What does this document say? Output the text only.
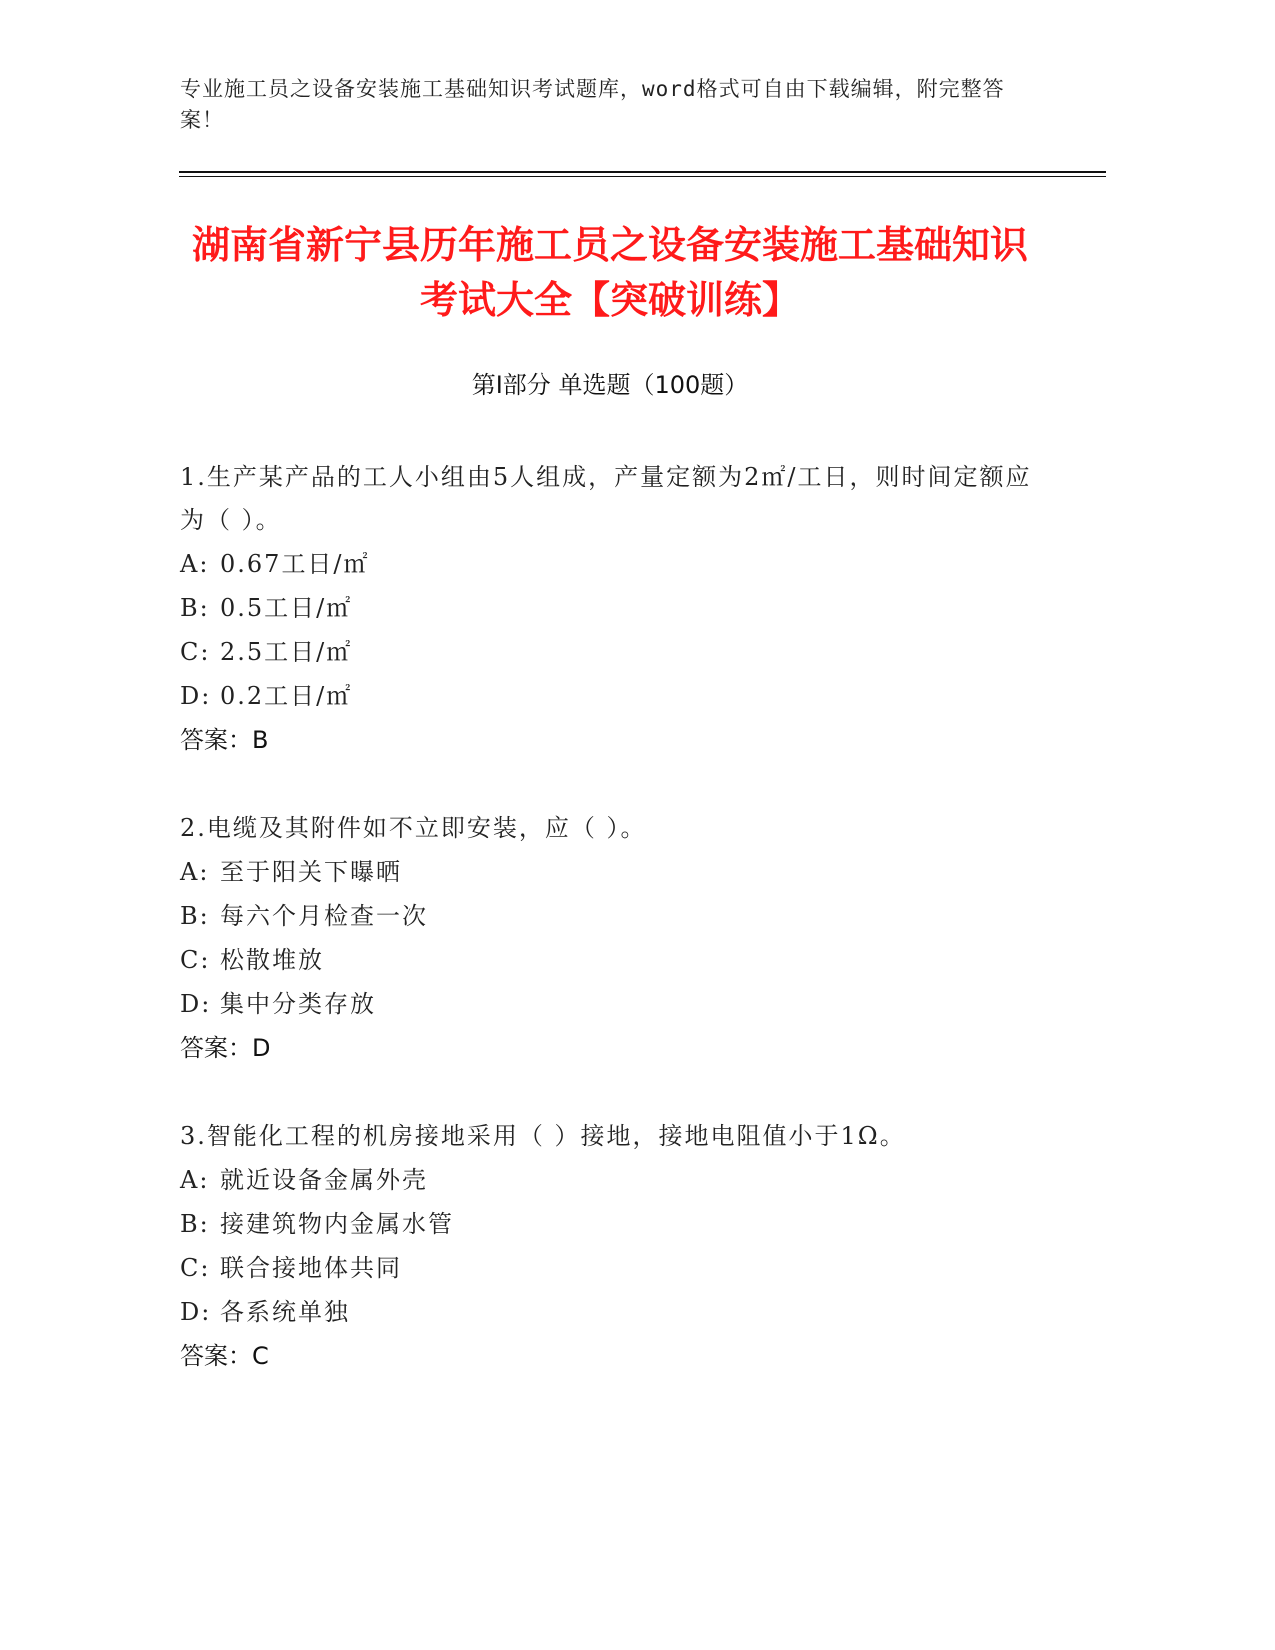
专业施工员之设备安装施工基础知识考试题库，word格式可自由下载编辑，附完整答案！
湖南省新宁县历年施工员之设备安装施工基础知识考试大全【突破训练】
第Ⅰ部分 单选题（100题）
1.生产某产品的工人小组由5人组成，产量定额为2㎡/工日，则时间定额应为（ ）。
A: 0.67工日/㎡
B: 0.5工日/㎡
C: 2.5工日/㎡
D: 0.2工日/㎡
答案：B
2.电缆及其附件如不立即安装，应（ ）。
A: 至于阳关下曝晒
B: 每六个月检查一次
C: 松散堆放
D: 集中分类存放
答案：D
3.智能化工程的机房接地采用（ ）接地，接地电阻值小于1Ω。
A: 就近设备金属外壳
B: 接建筑物内金属水管
C: 联合接地体共同
D: 各系统单独
答案：C
